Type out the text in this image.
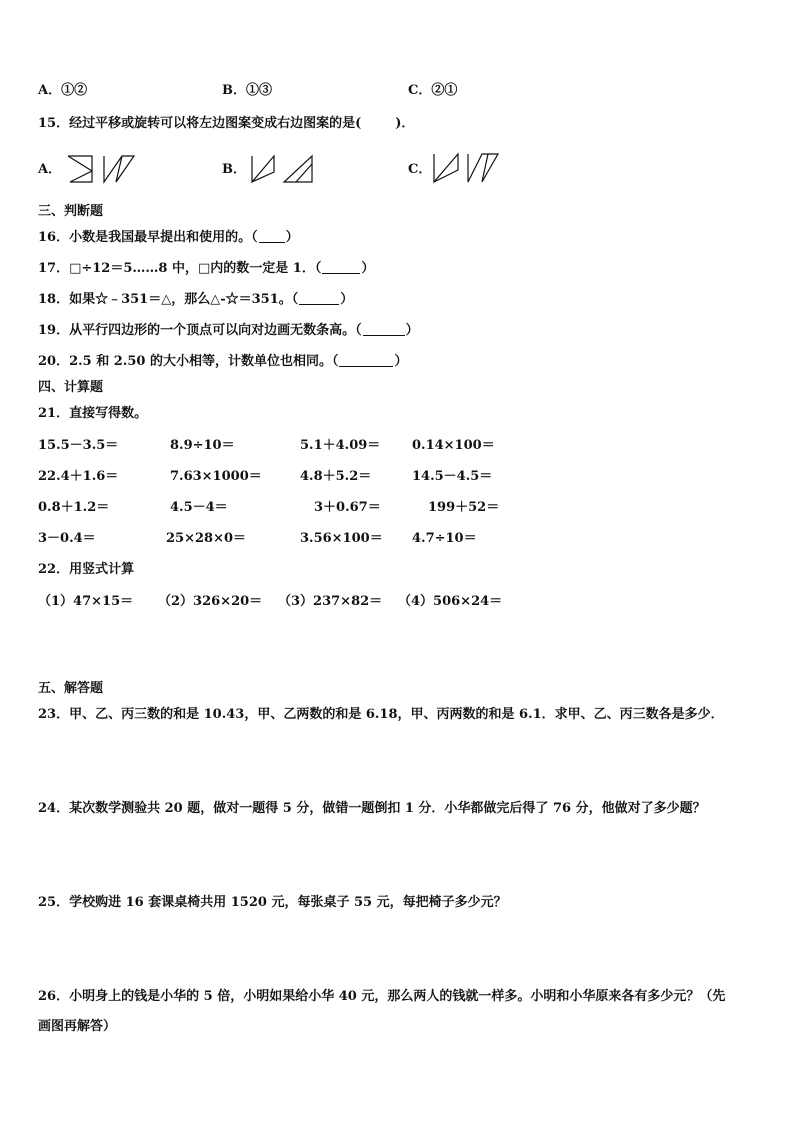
A．①②	B．①③	C．②①
15．经过平移或旋转可以将左边图案变成右边图案的是(	)．
A．	B．	C．
三、判断题
16．小数是我国最早提出和使用的。（ ）
17．□÷12＝5……8 中，□内的数一定是 1．（	）
18．如果☆﹣351＝△，那么△-☆＝351。（	）
19．从平行四边形的一个顶点可以向对边画无数条高。（	）
20．2.5 和 2.50 的大小相等，计数单位也相同。（	）
四、计算题
21．直接写得数。
15.5－3.5＝	8.9÷10＝	5.1＋4.09＝ 0.14×100＝
22.4＋1.6＝	7.63×1000＝	4.8＋5.2＝	14.5－4.5＝
0.8＋1.2＝	4.5－4＝	3＋0.67＝	199＋52＝
3－0.4＝	25×28×0＝	3.56×100＝ 4.7÷10＝
22．用竖式计算
（1）47×15＝ （2）326×20＝ （3）237×82＝ （4）506×24＝
五、解答题
23．甲、乙、丙三数的和是 10.43，甲、乙两数的和是 6.18，甲、丙两数的和是 6.1．求甲、乙、丙三数各是多少．
24．某次数学测验共 20 题，做对一题得 5 分，做错一题倒扣 1 分．小华都做完后得了 76 分，他做对了多少题？
25．学校购进 16 套课桌椅共用 1520 元，每张桌子 55 元，每把椅子多少元？
26．小明身上的钱是小华的 5 倍，小明如果给小华 40 元，那么两人的钱就一样多。小明和小华原来各有多少元？（先
画图再解答）
